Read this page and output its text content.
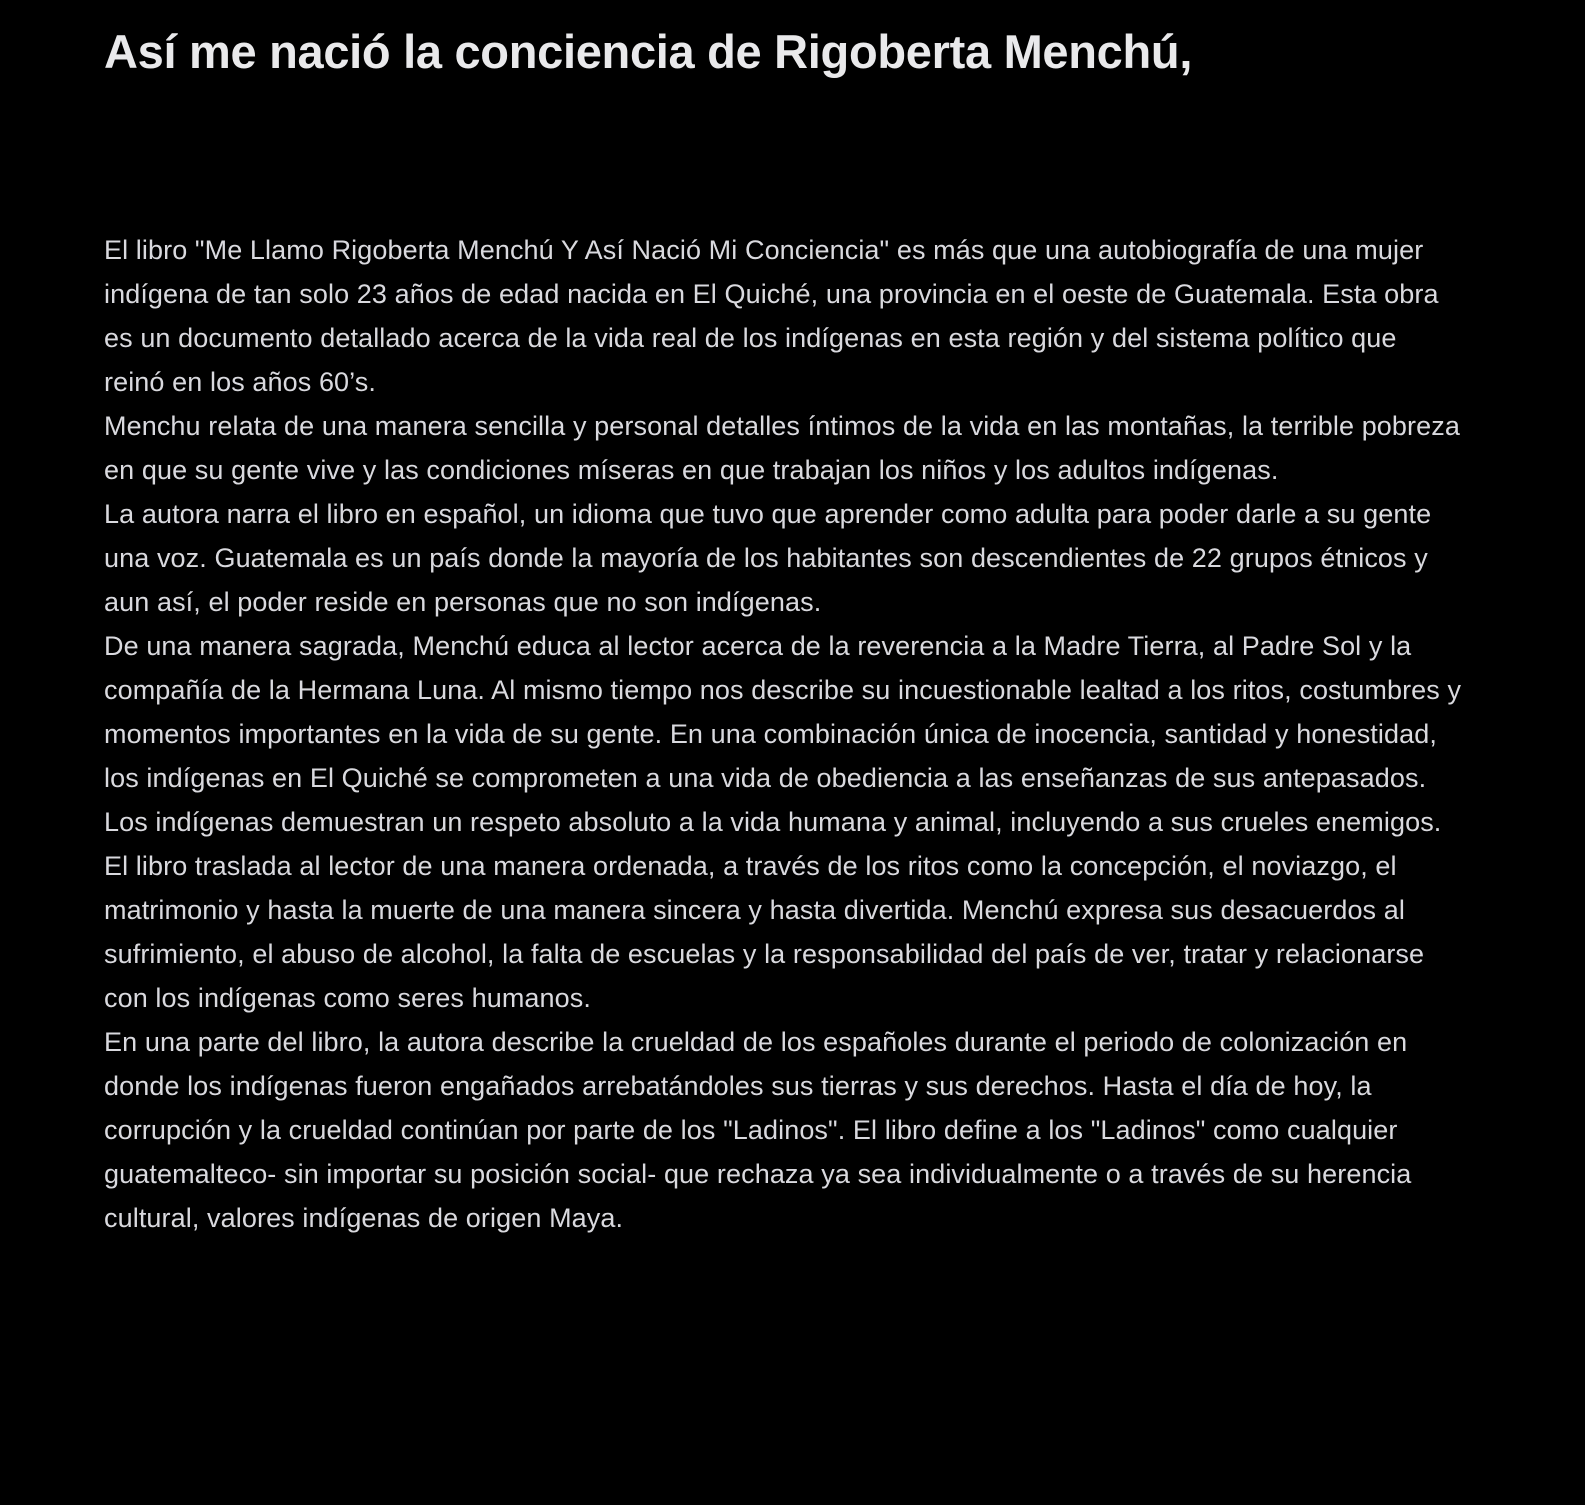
Así me nació la conciencia de Rigoberta Menchú,

El libro "Me Llamo Rigoberta Menchú Y Así Nació Mi Conciencia" es más que una autobiografía de una mujer indígena de tan solo 23 años de edad nacida en El Quiché, una provincia en el oeste de Guatemala. Esta obra es un documento detallado acerca de la vida real de los indígenas en esta región y del sistema político que reinó en los años 60’s.

Menchu relata de una manera sencilla y personal detalles íntimos de la vida en las montañas, la terrible pobreza en que su gente vive y las condiciones míseras en que trabajan los niños y los adultos indígenas.

La autora narra el libro en español, un idioma que tuvo que aprender como adulta para poder darle a su gente una voz. Guatemala es un país donde la mayoría de los habitantes son descendientes de 22 grupos étnicos y aun así, el poder reside en personas que no son indígenas.

De una manera sagrada, Menchú educa al lector acerca de la reverencia a la Madre Tierra, al Padre Sol y la compañía de la Hermana Luna. Al mismo tiempo nos describe su incuestionable lealtad a los ritos, costumbres y momentos importantes en la vida de su gente. En una combinación única de inocencia, santidad y honestidad, los indígenas en El Quiché se comprometen a una vida de obediencia a las enseñanzas de sus antepasados. Los indígenas demuestran un respeto absoluto a la vida humana y animal, incluyendo a sus crueles enemigos.

El libro traslada al lector de una manera ordenada, a través de los ritos como la concepción, el noviazgo, el matrimonio y hasta la muerte de una manera sincera y hasta divertida. Menchú expresa sus desacuerdos al sufrimiento, el abuso de alcohol, la falta de escuelas y la responsabilidad del país de ver, tratar y relacionarse con los indígenas como seres humanos.

En una parte del libro, la autora describe la crueldad de los españoles durante el periodo de colonización en donde los indígenas fueron engañados arrebatándoles sus tierras y sus derechos. Hasta el día de hoy, la corrupción y la crueldad continúan por parte de los "Ladinos". El libro define a los "Ladinos" como cualquier guatemalteco- sin importar su posición social- que rechaza ya sea individualmente o a través de su herencia cultural, valores indígenas de origen Maya.
